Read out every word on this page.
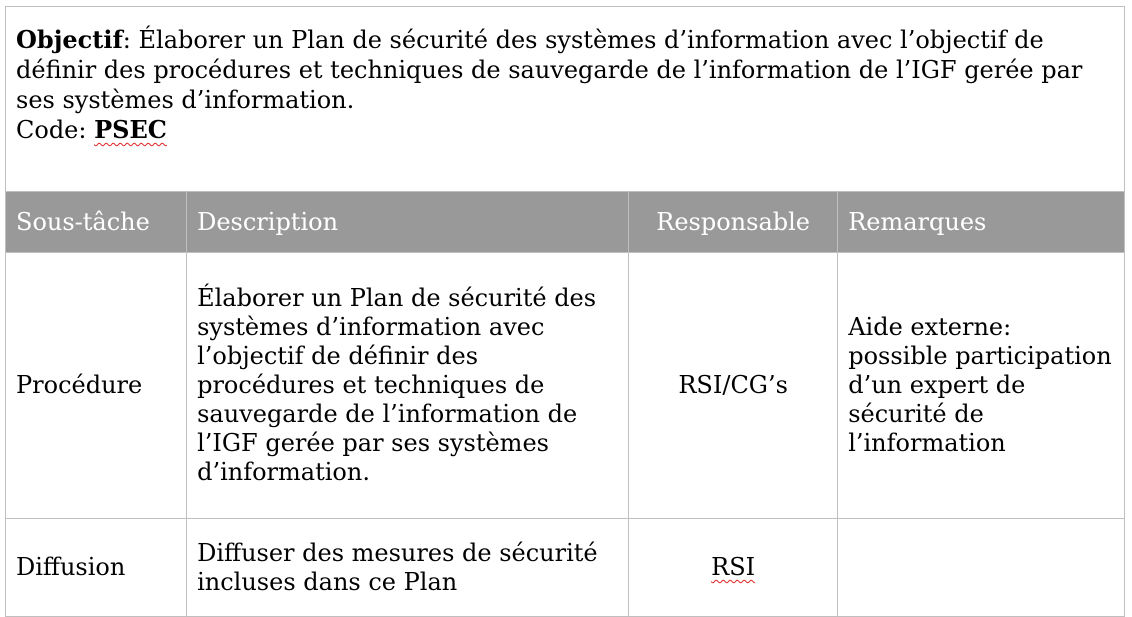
Objectif: Élaborer un Plan de sécurité des systèmes d’information avec l’objectif de définir des procédures et techniques de sauvegarde de l’information de l’IGF gerée par ses systèmes d’information.
Code: PSEC			
Sous-tâche	Description	Responsable	Remarques
Procédure	Élaborer un Plan de sécurité des systèmes d’information avec l’objectif de définir des procédures et techniques de sauvegarde de l’information de l’IGF gerée par ses systèmes d’information.	RSI/CG’s	Aide externe: possible participation d’un expert de sécurité de l’information
Diffusion	Diffuser des mesures de sécurité incluses dans ce Plan	RSI	
